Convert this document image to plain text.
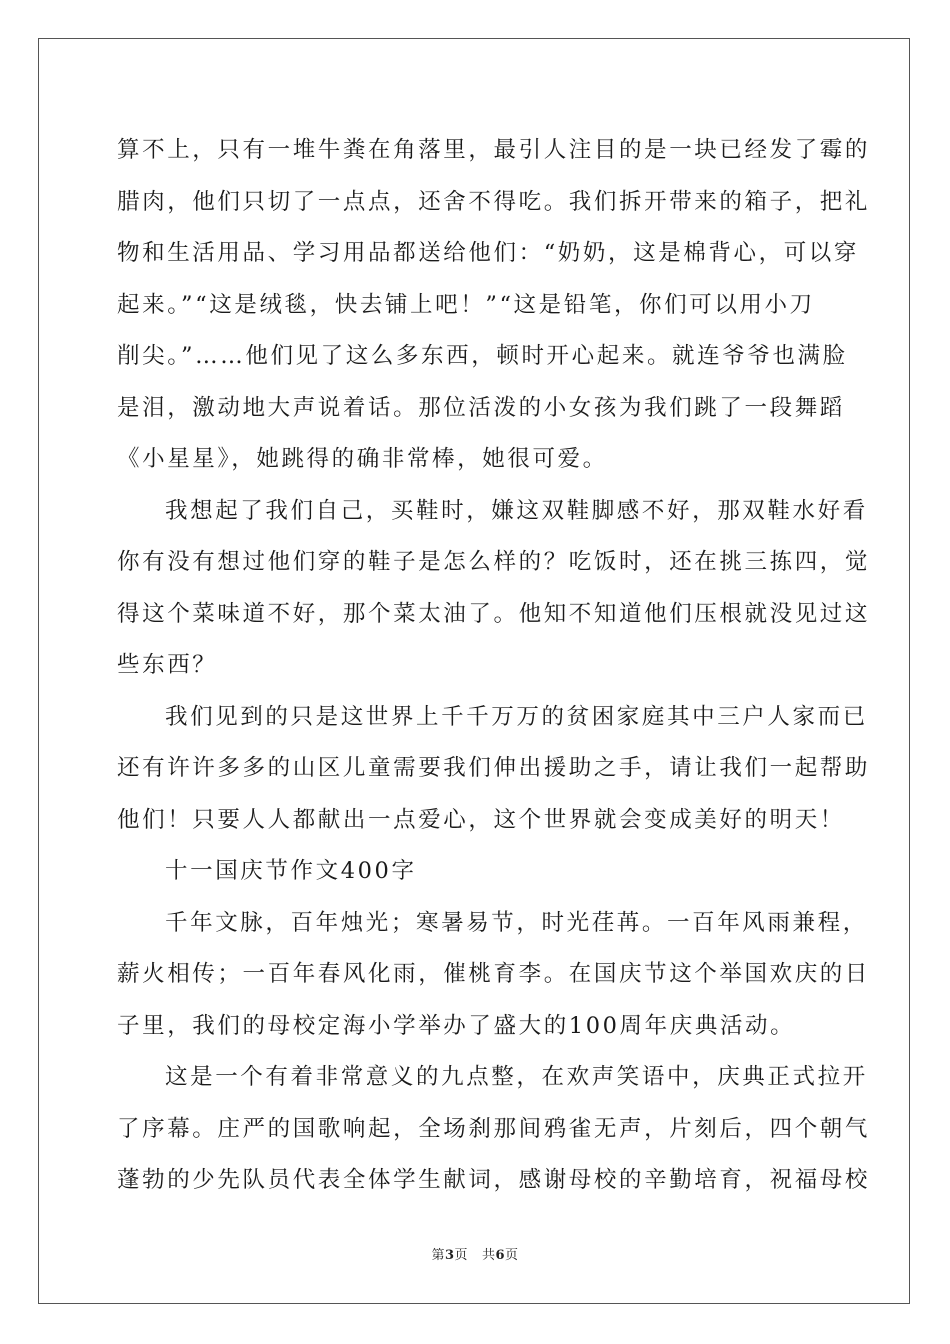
算不上，只有一堆牛粪在角落里，最引人注目的是一块已经发了霉的
腊肉，他们只切了一点点，还舍不得吃。我们拆开带来的箱子，把礼
物和生活用品、学习用品都送给他们：“奶奶，这是棉背心，可以穿
起来。”“这是绒毯，快去铺上吧！”“这是铅笔，你们可以用小刀
削尖。”……他们见了这么多东西，顿时开心起来。就连爷爷也满脸
是泪，激动地大声说着话。那位活泼的小女孩为我们跳了一段舞蹈
《小星星》，她跳得的确非常棒，她很可爱。
我想起了我们自己，买鞋时，嫌这双鞋脚感不好，那双鞋水好看
你有没有想过他们穿的鞋子是怎么样的？吃饭时，还在挑三拣四，觉
得这个菜味道不好，那个菜太油了。他知不知道他们压根就没见过这
些东西？
我们见到的只是这世界上千千万万的贫困家庭其中三户人家而已
还有许许多多的山区儿童需要我们伸出援助之手，请让我们一起帮助
他们！只要人人都献出一点爱心，这个世界就会变成美好的明天！
十一国庆节作文400字
千年文脉，百年烛光；寒暑易节，时光荏苒。一百年风雨兼程，
薪火相传；一百年春风化雨，催桃育李。在国庆节这个举国欢庆的日
子里，我们的母校定海小学举办了盛大的100周年庆典活动。
这是一个有着非常意义的九点整，在欢声笑语中，庆典正式拉开
了序幕。庄严的国歌响起，全场刹那间鸦雀无声，片刻后，四个朝气
蓬勃的少先队员代表全体学生献词，感谢母校的辛勤培育，祝福母校
第3页 共6页
